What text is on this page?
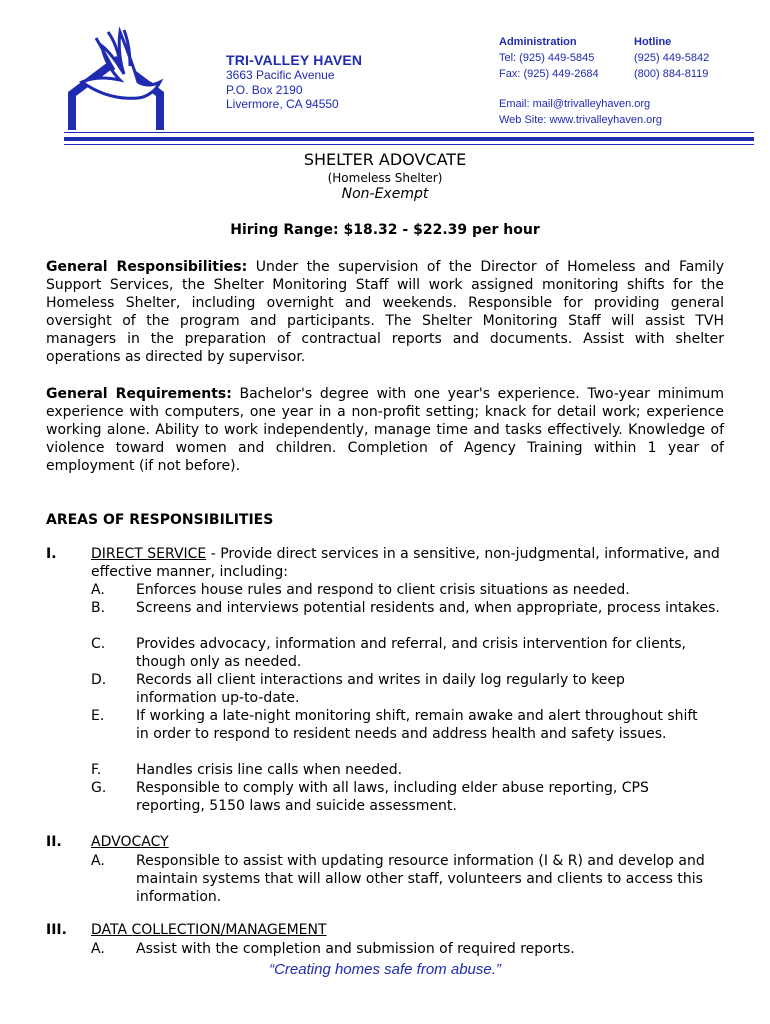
TRI-VALLEY HAVEN
3663 Pacific Avenue
P.O. Box 2190
Livermore, CA 94550
Administration
Tel: (925) 449-5845
Fax: (925) 449-2684
Hotline
(925) 449-5842
(800) 884-8119
Email: mail@trivalleyhaven.org
Web Site: www.trivalleyhaven.org
SHELTER ADOVCATE
(Homeless Shelter)
Non-Exempt
Hiring Range: $18.32 - $22.39 per hour
General Responsibilities: Under the supervision of the Director of Homeless and Family Support Services, the Shelter Monitoring Staff will work assigned monitoring shifts for the Homeless Shelter, including overnight and weekends. Responsible for providing general oversight of the program and participants. The Shelter Monitoring Staff will assist TVH managers in the preparation of contractual reports and documents. Assist with shelter operations as directed by supervisor.
General Requirements: Bachelor's degree with one year's experience. Two-year minimum experience with computers, one year in a non-profit setting; knack for detail work; experience working alone. Ability to work independently, manage time and tasks effectively. Knowledge of violence toward women and children. Completion of Agency Training within 1 year of employment (if not before).
AREAS OF RESPONSIBILITIES
I. DIRECT SERVICE - Provide direct services in a sensitive, non-judgmental, informative, and effective manner, including:
A. Enforces house rules and respond to client crisis situations as needed.
B. Screens and interviews potential residents and, when appropriate, process intakes.
C. Provides advocacy, information and referral, and crisis intervention for clients, though only as needed.
D. Records all client interactions and writes in daily log regularly to keep information up-to-date.
E. If working a late-night monitoring shift, remain awake and alert throughout shift in order to respond to resident needs and address health and safety issues.
F. Handles crisis line calls when needed.
G. Responsible to comply with all laws, including elder abuse reporting, CPS reporting, 5150 laws and suicide assessment.
II. ADVOCACY
A. Responsible to assist with updating resource information (I & R) and develop and maintain systems that will allow other staff, volunteers and clients to access this information.
III. DATA COLLECTION/MANAGEMENT
A. Assist with the completion and submission of required reports.
“Creating homes safe from abuse.”
